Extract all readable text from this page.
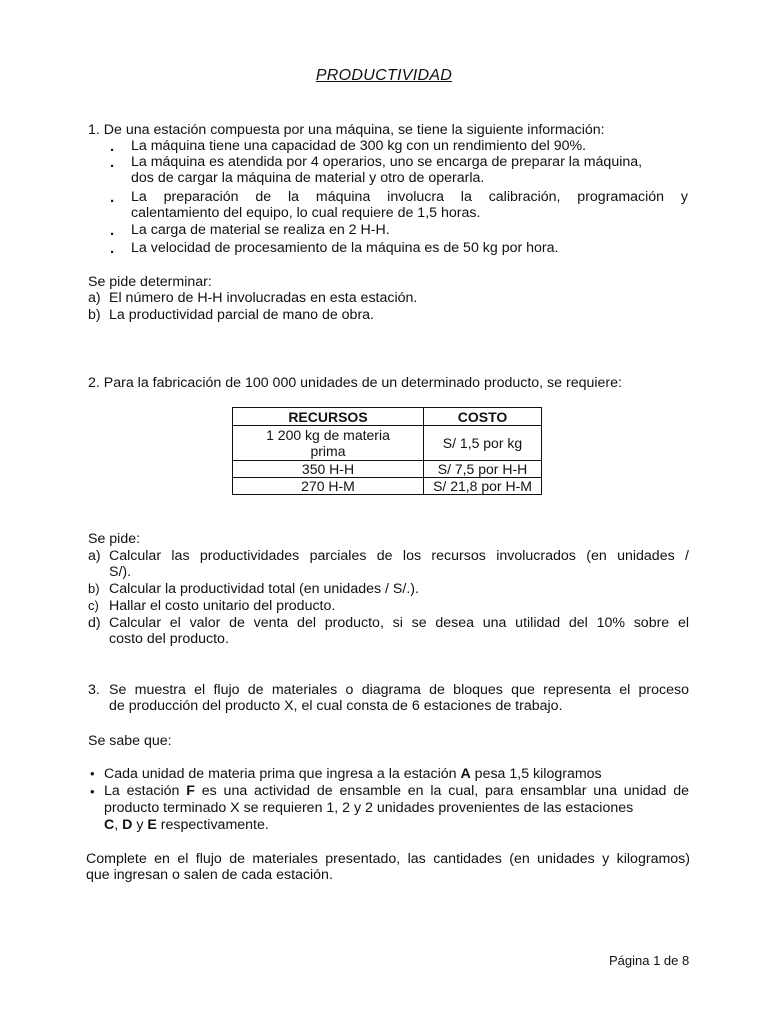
PRODUCTIVIDAD
1. De una estación compuesta por una máquina, se tiene la siguiente información:
. La máquina tiene una capacidad de 300 kg con un rendimiento del 90%.
. La máquina es atendida por 4 operarios, uno se encarga de preparar la máquina,
dos de cargar la máquina de material y otro de operarla.
. La preparación de la máquina involucra la calibración, programación y
calentamiento del equipo, lo cual requiere de 1,5 horas.
. La carga de material se realiza en 2 H-H.
. La velocidad de procesamiento de la máquina es de 50 kg por hora.
Se pide determinar:
a) El número de H-H involucradas en esta estación.
b) La productividad parcial de mano de obra.
2. Para la fabricación de 100 000 unidades de un determinado producto, se requiere:
RECURSOS	COSTO
1 200 kg de materia
prima	S/ 1,5 por kg
350 H-H	S/ 7,5 por H-H
270 H-M	S/ 21,8 por H-M
Se pide:
a) Calcular las productividades parciales de los recursos involucrados (en unidades /
S/).
b) Calcular la productividad total (en unidades / S/.).
c) Hallar el costo unitario del producto.
d) Calcular el valor de venta del producto, si se desea una utilidad del 10% sobre el
costo del producto.
3. Se muestra el flujo de materiales o diagrama de bloques que representa el proceso
de producción del producto X, el cual consta de 6 estaciones de trabajo.
Se sabe que:
• Cada unidad de materia prima que ingresa a la estación A pesa 1,5 kilogramos
• La estación F es una actividad de ensamble en la cual, para ensamblar una unidad de
producto terminado X se requieren 1, 2 y 2 unidades provenientes de las estaciones
C, D y E respectivamente.
Complete en el flujo de materiales presentado, las cantidades (en unidades y kilogramos)
que ingresan o salen de cada estación.
Página 1 de 8
